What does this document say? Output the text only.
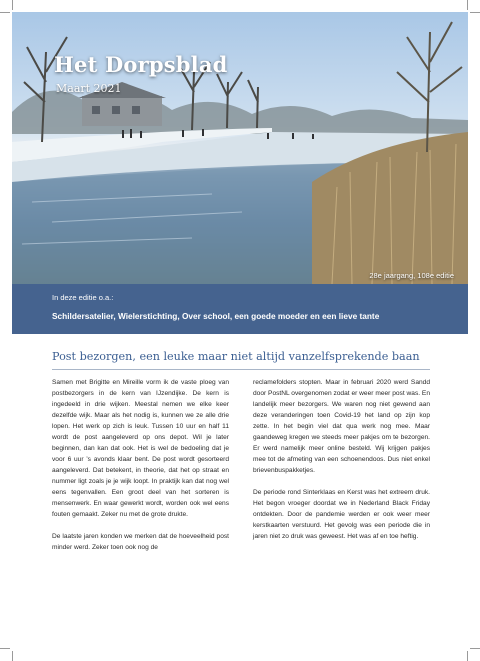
Het Dorpsblad
Maart 2021
28e jaargang, 108e editie
In deze editie o.a.:
Schildersatelier, Wielerstichting, Over school, een goede moeder en een lieve tante
Post bezorgen, een leuke maar niet altijd vanzelfsprekende baan

Samen met Brigitte en Mireille vorm ik de vaste ploeg van postbezorgers in de kern van IJzendijke. De kern is ingedeeld in drie wijken. Meestal nemen we elke keer dezelfde wijk. Maar als het nodig is, kunnen we ze alle drie lopen. Het werk op zich is leuk. Tussen 10 uur en half 11 wordt de post aangeleverd op ons depot. Wil je later beginnen, dan kan dat ook. Het is wel de bedoeling dat je voor 6 uur ’s avonds klaar bent. De post wordt gesorteerd aangeleverd. Dat betekent, in theorie, dat het op straat en nummer ligt zoals je je wijk loopt. In praktijk kan dat nog wel eens tegenvallen. Een groot deel van het sorteren is mensenwerk. En waar gewerkt wordt, worden ook wel eens fouten gemaakt. Zeker nu met de grote drukte.

De laatste jaren konden we merken dat de hoeveelheid post minder werd. Zeker toen ook nog de

reclamefolders stopten. Maar in februari 2020 werd Sandd door PostNL overgenomen zodat er weer meer post was. En landelijk meer bezorgers. We waren nog niet gewend aan deze veranderingen toen Covid-19 het land op zijn kop zette. In het begin viel dat qua werk nog mee. Maar gaandeweg kregen we steeds meer pakjes om te bezorgen. Er werd namelijk meer online besteld. Wij krijgen pakjes mee tot de afmeting van een schoenendoos. Dus niet enkel brievenbuspakketjes.

De periode rond Sinterklaas en Kerst was het extreem druk. Het begon vroeger doordat we in Nederland Black Friday ontdekten. Door de pandemie werden er ook weer meer kerstkaarten verstuurd. Het gevolg was een periode die in jaren niet zo druk was geweest. Het was af en toe heftig.
